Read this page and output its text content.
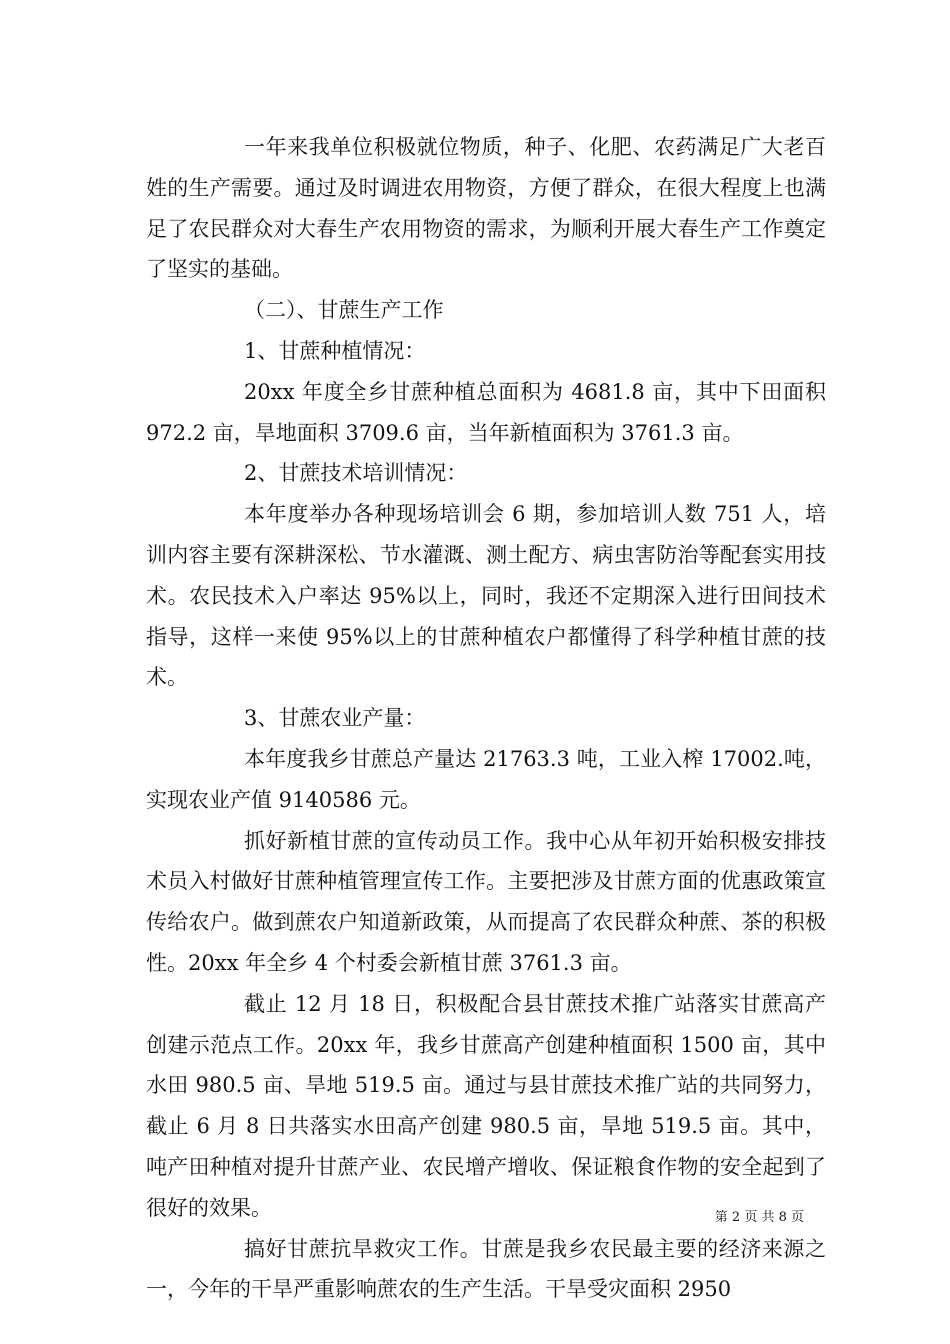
一年来我单位积极就位物质，种子、化肥、农药满足广大老百姓的生产需要。通过及时调进农用物资，方便了群众，在很大程度上也满足了农民群众对大春生产农用物资的需求，为顺利开展大春生产工作奠定了坚实的基础。

（二）、甘蔗生产工作

1、甘蔗种植情况：

20xx 年度全乡甘蔗种植总面积为 4681.8 亩，其中下田面积 972.2 亩，旱地面积 3709.6 亩，当年新植面积为 3761.3 亩。

2、甘蔗技术培训情况：

本年度举办各种现场培训会 6 期，参加培训人数 751 人，培训内容主要有深耕深松、节水灌溉、测土配方、病虫害防治等配套实用技术。农民技术入户率达 95%以上，同时，我还不定期深入进行田间技术指导，这样一来使 95%以上的甘蔗种植农户都懂得了科学种植甘蔗的技术。

3、甘蔗农业产量：

本年度我乡甘蔗总产量达 21763.3 吨，工业入榨 17002.吨，实现农业产值 9140586 元。

抓好新植甘蔗的宣传动员工作。我中心从年初开始积极安排技术员入村做好甘蔗种植管理宣传工作。主要把涉及甘蔗方面的优惠政策宣传给农户。做到蔗农户知道新政策，从而提高了农民群众种蔗、茶的积极性。20xx 年全乡 4 个村委会新植甘蔗 3761.3 亩。

截止 12 月 18 日，积极配合县甘蔗技术推广站落实甘蔗高产创建示范点工作。20xx 年，我乡甘蔗高产创建种植面积 1500 亩，其中水田 980.5 亩、旱地 519.5 亩。通过与县甘蔗技术推广站的共同努力，截止 6 月 8 日共落实水田高产创建 980.5 亩，旱地 519.5 亩。其中，吨产田种植对提升甘蔗产业、农民增产增收、保证粮食作物的安全起到了很好的效果。

搞好甘蔗抗旱救灾工作。甘蔗是我乡农民最主要的经济来源之一，今年的干旱严重影响蔗农的生产生活。干旱受灾面积 2950

第 2 页 共 8 页
